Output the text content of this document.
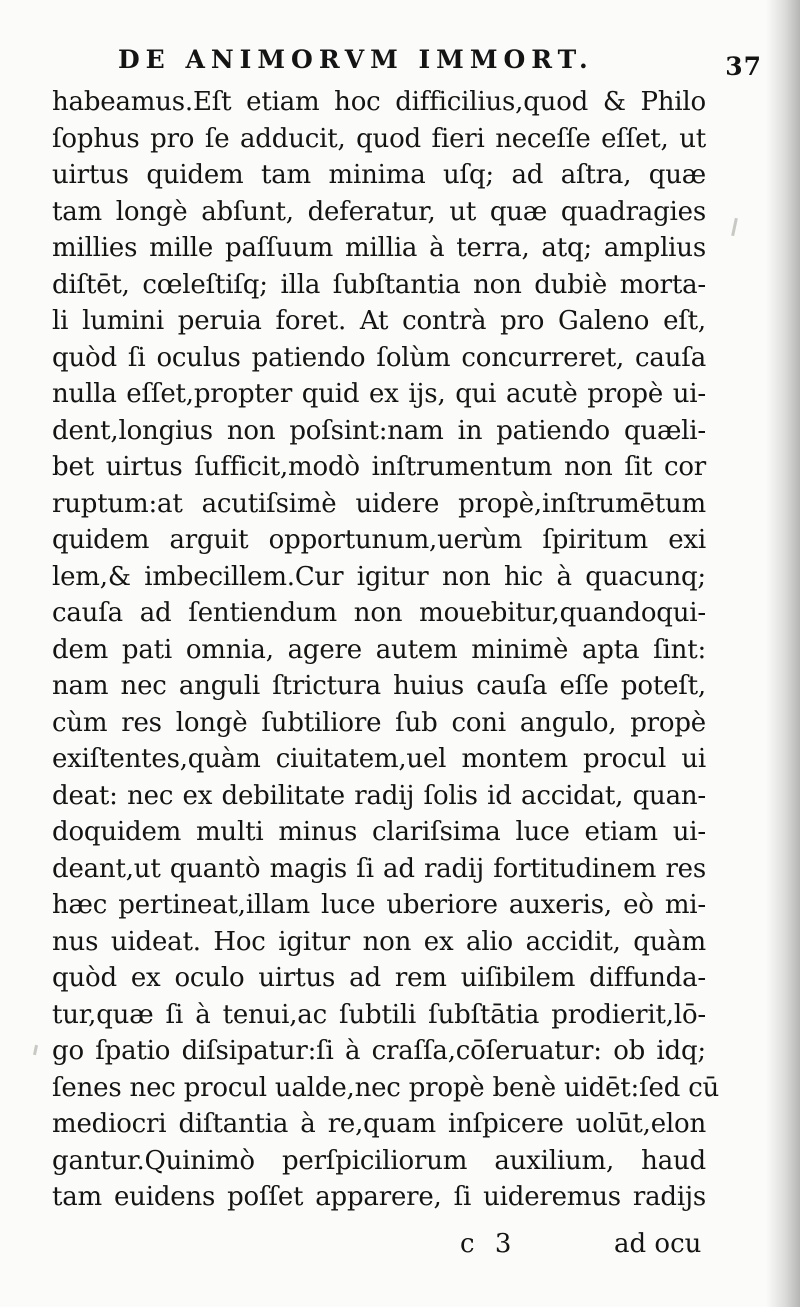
DE ANIMORVM IMMORT.	37
habeamus.Eſt etiam hoc difficilius,quod & Philo
ſophus pro ſe adducit, quod fieri neceſſe eſſet, ut
uirtus quidem tam minima uſq; ad aſtra, quæ
tam longè abſunt, deferatur, ut quæ quadragies
millies mille paſſuum millia à terra, atq; amplius
diſtēt, cœleſtiſq; illa ſubſtantia non dubiè morta-
li lumini peruia foret. At contrà pro Galeno eſt,
quòd ſi oculus patiendo ſolùm concurreret, cauſa
nulla eſſet,propter quid ex ijs, qui acutè propè ui-
dent,longius non poſsint:nam in patiendo quæli-
bet uirtus ſufficit,modò inſtrumentum non ſit cor
ruptum:at acutiſsimè uidere propè,inſtrumētum
quidem arguit opportunum,uerùm ſpiritum exi
lem,& imbecillem.Cur igitur non hic à quacunq;
cauſa ad ſentiendum non mouebitur,quandoqui-
dem pati omnia, agere autem minimè apta ſint:
nam nec anguli ſtrictura huius cauſa eſſe poteſt,
cùm res longè ſubtiliore ſub coni angulo, propè
exiſtentes,quàm ciuitatem,uel montem procul ui
deat: nec ex debilitate radij ſolis id accidat, quan-
doquidem multi minus clariſsima luce etiam ui-
deant,ut quantò magis ſi ad radij fortitudinem res
hæc pertineat,illam luce uberiore auxeris, eò mi-
nus uideat. Hoc igitur non ex alio accidit, quàm
quòd ex oculo uirtus ad rem uiſibilem diffunda-
tur,quæ ſi à tenui,ac ſubtili ſubſtātia prodierit,lō-
go ſpatio diſsipatur:ſi à craſſa,cōſeruatur: ob idq;
ſenes nec procul ualde,nec propè benè uidēt:ſed cū
mediocri diſtantia à re,quam inſpicere uolūt,elon
gantur.Quinimò perſpiciliorum auxilium, haud
tam euidens poſſet apparere, ſi uideremus radijs
c 3	ad ocu
